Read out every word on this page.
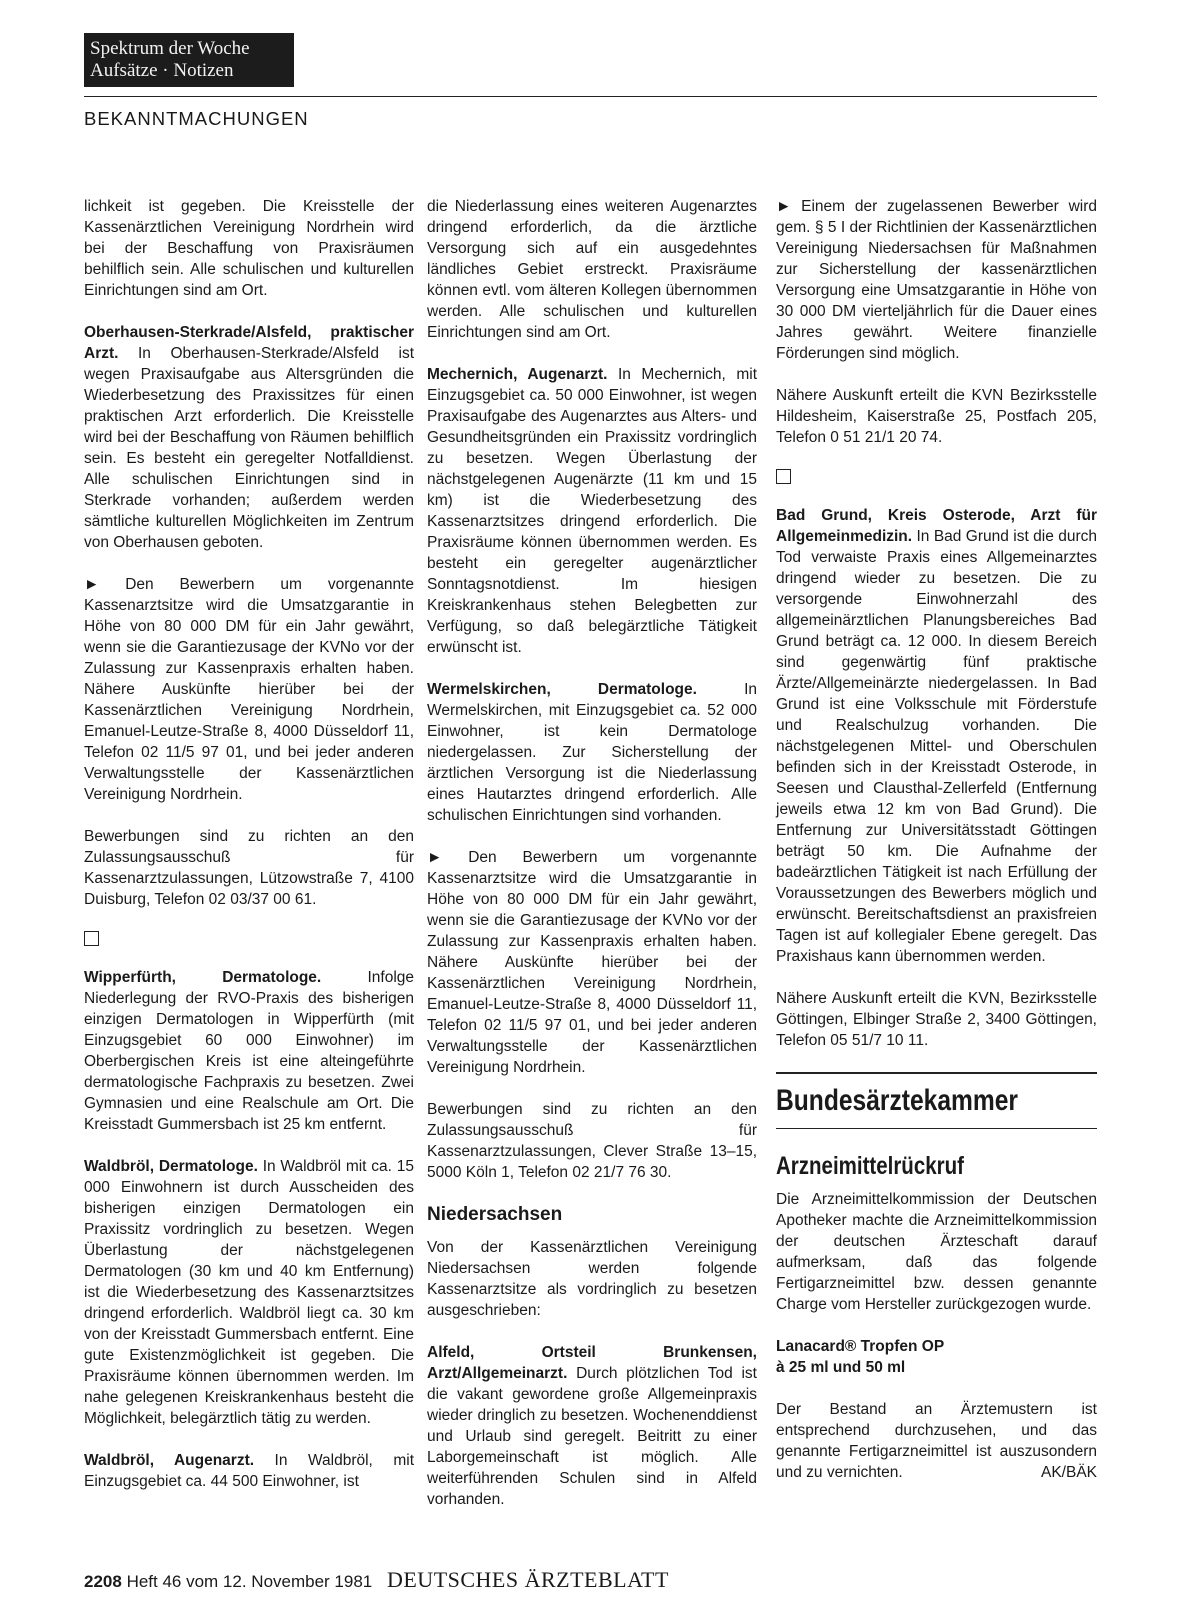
Spektrum der Woche
Aufsätze · Notizen
BEKANNTMACHUNGEN

lichkeit ist gegeben. Die Kreisstelle der Kassenärztlichen Vereinigung Nordrhein wird bei der Beschaffung von Praxisräumen behilflich sein. Alle schulischen und kulturellen Einrichtungen sind am Ort.

Oberhausen-Sterkrade/Alsfeld, praktischer Arzt. In Oberhausen-Sterkrade/Alsfeld ist wegen Praxisaufgabe aus Altersgründen die Wiederbesetzung des Praxissitzes für einen praktischen Arzt erforderlich. Die Kreisstelle wird bei der Beschaffung von Räumen behilflich sein. Es besteht ein geregelter Notfalldienst. Alle schulischen Einrichtungen sind in Sterkrade vorhanden; außerdem werden sämtliche kulturellen Möglichkeiten im Zentrum von Oberhausen geboten.

► Den Bewerbern um vorgenannte Kassenarztsitze wird die Umsatzgarantie in Höhe von 80 000 DM für ein Jahr gewährt, wenn sie die Garantiezusage der KVNo vor der Zulassung zur Kassenpraxis erhalten haben. Nähere Auskünfte hierüber bei der Kassenärztlichen Vereinigung Nordrhein, Emanuel-Leutze-Straße 8, 4000 Düsseldorf 11, Telefon 02 11/5 97 01, und bei jeder anderen Verwaltungsstelle der Kassenärztlichen Vereinigung Nordrhein.

Bewerbungen sind zu richten an den Zulassungsausschuß für Kassenarztzulassungen, Lützowstraße 7, 4100 Duisburg, Telefon 02 03/37 00 61.

Wipperfürth, Dermatologe.	Infolge Niederlegung der RVO-Praxis des bisherigen einzigen Dermatologen in Wipperfürth (mit Einzugsgebiet 60 000 Einwohner) im Oberbergischen Kreis ist eine alteingeführte dermatologische Fachpraxis zu besetzen. Zwei Gymnasien und eine Realschule am Ort. Die Kreisstadt Gummersbach ist 25 km entfernt.

Waldbröl, Dermatologe. In Waldbröl mit ca. 15 000 Einwohnern ist durch Ausscheiden des bisherigen einzigen Dermatologen ein Praxissitz vordringlich zu besetzen. Wegen Überlastung der nächstgelegenen Dermatologen (30 km und 40 km Entfernung) ist die Wiederbesetzung des Kassenarztsitzes dringend erforderlich. Waldbröl liegt ca. 30 km von der Kreisstadt Gummersbach entfernt. Eine gute Existenzmöglichkeit ist gegeben. Die Praxisräume können übernommen werden. Im nahe gelegenen Kreiskrankenhaus besteht die Möglichkeit, belegärztlich tätig zu werden.

Waldbröl, Augenarzt. In Waldbröl, mit Einzugsgebiet ca. 44 500 Einwohner, ist

die Niederlassung eines weiteren Augenarztes dringend erforderlich, da die ärztliche Versorgung sich auf ein ausgedehntes ländliches Gebiet erstreckt. Praxisräume können evtl. vom älteren Kollegen übernommen werden. Alle schulischen und kulturellen Einrichtungen sind am Ort.

Mechernich, Augenarzt. In Mechernich, mit Einzugsgebiet ca. 50 000 Einwohner, ist wegen Praxisaufgabe des Augenarztes aus Alters- und Gesundheitsgründen ein Praxissitz vordringlich zu besetzen. Wegen Überlastung der nächstgelegenen Augenärzte (11 km und 15 km) ist die Wiederbesetzung des Kassenarztsitzes dringend erforderlich. Die Praxisräume können übernommen werden. Es besteht ein geregelter augenärztlicher Sonntagsnotdienst. Im hiesigen Kreiskrankenhaus stehen Belegbetten zur Verfügung, so daß belegärztliche Tätigkeit erwünscht ist.

Wermelskirchen, Dermatologe.	In Wermelskirchen, mit Einzugsgebiet ca. 52 000 Einwohner, ist kein Dermatologe niedergelassen. Zur Sicherstellung der ärztlichen Versorgung ist die Niederlassung eines Hautarztes dringend erforderlich. Alle schulischen Einrichtungen sind vorhanden.

► Den Bewerbern um vorgenannte Kassenarztsitze wird die Umsatzgarantie in Höhe von 80 000 DM für ein Jahr gewährt, wenn sie die Garantiezusage der KVNo vor der Zulassung zur Kassenpraxis erhalten haben. Nähere Auskünfte hierüber bei der Kassenärztlichen Vereinigung Nordrhein, Emanuel-Leutze-Straße 8, 4000 Düsseldorf 11, Telefon 02 11/5 97 01, und bei jeder anderen Verwaltungsstelle der Kassenärztlichen Vereinigung Nordrhein.

Bewerbungen sind zu richten an den Zulassungsausschuß für Kassenarztzulassungen, Clever Straße 13–15, 5000 Köln 1, Telefon 02 21/7 76 30.

Niedersachsen

Von der Kassenärztlichen Vereinigung Niedersachsen werden folgende Kassenarztsitze als vordringlich zu besetzen ausgeschrieben:

Alfeld, Ortsteil Brunkensen, Arzt/Allgemeinarzt. Durch plötzlichen Tod ist die vakant gewordene große Allgemeinpraxis wieder dringlich zu besetzen. Wochenenddienst und Urlaub sind geregelt. Beitritt zu einer Laborgemeinschaft ist möglich. Alle weiterführenden Schulen sind in Alfeld vorhanden.

► Einem der zugelassenen Bewerber wird gem. § 5 I der Richtlinien der Kassenärztlichen Vereinigung Niedersachsen für Maßnahmen zur Sicherstellung der kassenärztlichen Versorgung eine Umsatzgarantie in Höhe von 30 000 DM vierteljährlich für die Dauer eines Jahres gewährt. Weitere finanzielle Förderungen sind möglich.

Nähere Auskunft erteilt die KVN Bezirksstelle Hildesheim, Kaiserstraße 25, Postfach 205, Telefon 0 51 21/1 20 74.

Bad Grund, Kreis Osterode, Arzt für Allgemeinmedizin. In Bad Grund ist die durch Tod verwaiste Praxis eines Allgemeinarztes dringend wieder zu besetzen. Die zu versorgende Einwohnerzahl des allgemeinärztlichen Planungsbereiches Bad Grund beträgt ca. 12 000. In diesem Bereich sind gegenwärtig fünf praktische Ärzte/Allgemeinärzte niedergelassen. In Bad Grund ist eine Volksschule mit Förderstufe und Realschulzug vorhanden. Die nächstgelegenen Mittel- und Oberschulen befinden sich in der Kreisstadt Osterode, in Seesen und Clausthal-Zellerfeld (Entfernung jeweils etwa 12 km von Bad Grund). Die Entfernung zur Universitätsstadt Göttingen beträgt 50 km. Die Aufnahme der badeärztlichen Tätigkeit ist nach Erfüllung der Voraussetzungen des Bewerbers möglich und erwünscht. Bereitschaftsdienst an praxisfreien Tagen ist auf kollegialer Ebene geregelt. Das Praxishaus kann übernommen werden.

Nähere Auskunft erteilt die KVN, Bezirksstelle Göttingen, Elbinger Straße 2, 3400 Göttingen, Telefon 05 51/7 10 11.

Bundesärztekammer
Arzneimittelrückruf

Die Arzneimittelkommission der Deutschen Apotheker machte die Arzneimittelkommission der deutschen Ärzteschaft darauf aufmerksam, daß das folgende Fertigarzneimittel bzw. dessen genannte Charge vom Hersteller zurückgezogen wurde.

Lanacard® Tropfen OP
à 25 ml und 50 ml

Der Bestand an Ärztemustern ist entsprechend durchzusehen, und das genannte Fertigarzneimittel ist auszusondern und zu vernichten.	AK/BÄK

2208 Heft 46 vom 12. November 1981 DEUTSCHES ÄRZTEBLATT
